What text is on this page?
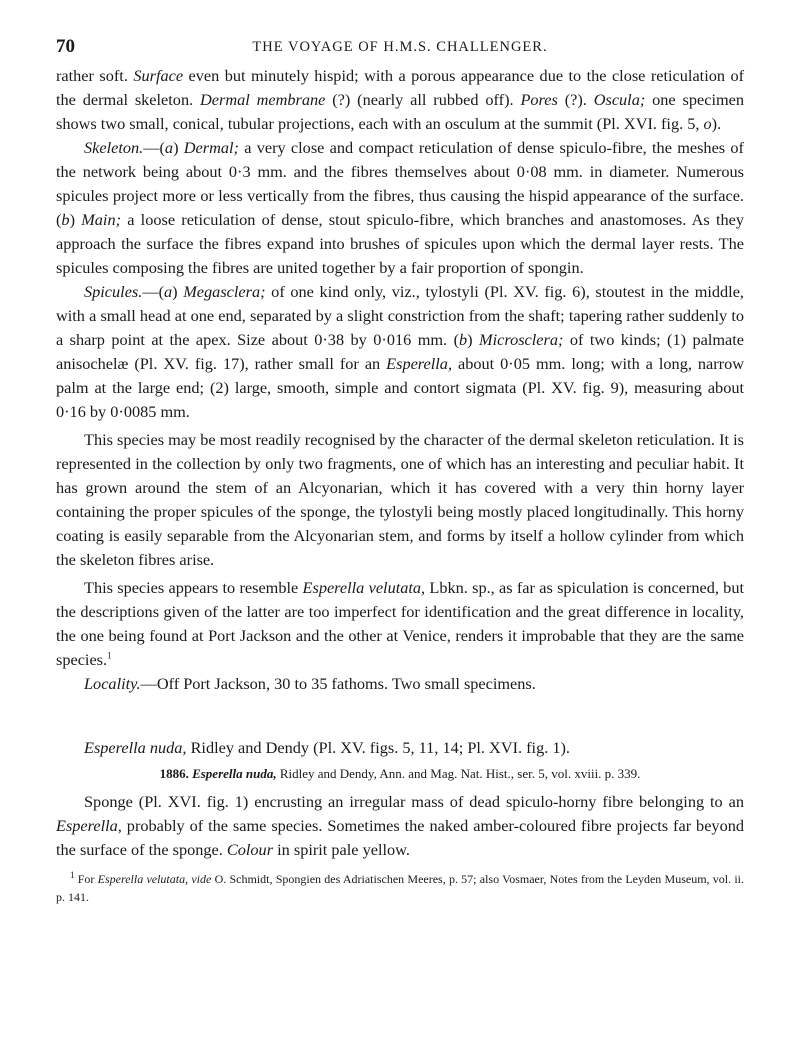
70	THE VOYAGE OF H.M.S. CHALLENGER.

rather soft. Surface even but minutely hispid; with a porous appearance due to the close reticulation of the dermal skeleton. Dermal membrane (?) (nearly all rubbed off). Pores (?). Oscula; one specimen shows two small, conical, tubular projections, each with an osculum at the summit (Pl. XVI. fig. 5, o).

Skeleton.—(a) Dermal; a very close and compact reticulation of dense spiculo-fibre, the meshes of the network being about 0·3 mm. and the fibres themselves about 0·08 mm. in diameter. Numerous spicules project more or less vertically from the fibres, thus causing the hispid appearance of the surface. (b) Main; a loose reticulation of dense, stout spiculo-fibre, which branches and anastomoses. As they approach the surface the fibres expand into brushes of spicules upon which the dermal layer rests. The spicules composing the fibres are united together by a fair proportion of spongin.

Spicules.—(a) Megasclera; of one kind only, viz., tylostyli (Pl. XV. fig. 6), stoutest in the middle, with a small head at one end, separated by a slight constriction from the shaft; tapering rather suddenly to a sharp point at the apex. Size about 0·38 by 0·016 mm. (b) Microsclera; of two kinds; (1) palmate anisochelæ (Pl. XV. fig. 17), rather small for an Esperella, about 0·05 mm. long; with a long, narrow palm at the large end; (2) large, smooth, simple and contort sigmata (Pl. XV. fig. 9), measuring about 0·16 by 0·0085 mm.

This species may be most readily recognised by the character of the dermal skeleton reticulation. It is represented in the collection by only two fragments, one of which has an interesting and peculiar habit. It has grown around the stem of an Alcyonarian, which it has covered with a very thin horny layer containing the proper spicules of the sponge, the tylostyli being mostly placed longitudinally. This horny coating is easily separable from the Alcyonarian stem, and forms by itself a hollow cylinder from which the skeleton fibres arise.

This species appears to resemble Esperella velutata, Lbkn. sp., as far as spiculation is concerned, but the descriptions given of the latter are too imperfect for identification and the great difference in locality, the one being found at Port Jackson and the other at Venice, renders it improbable that they are the same species.$^1$

Locality.—Off Port Jackson, 30 to 35 fathoms. Two small specimens.

Esperella nuda, Ridley and Dendy (Pl. XV. figs. 5, 11, 14; Pl. XVI. fig. 1).

1886. Esperella nuda, Ridley and Dendy, Ann. and Mag. Nat. Hist., ser. 5, vol. xviii. p. 339.

Sponge (Pl. XVI. fig. 1) encrusting an irregular mass of dead spiculo-horny fibre belonging to an Esperella, probably of the same species. Sometimes the naked amber-coloured fibre projects far beyond the surface of the sponge. Colour in spirit pale yellow.

$^1$ For Esperella velutata, vide O. Schmidt, Spongien des Adriatischen Meeres, p. 57; also Vosmaer, Notes from the Leyden Museum, vol. ii. p. 141.
